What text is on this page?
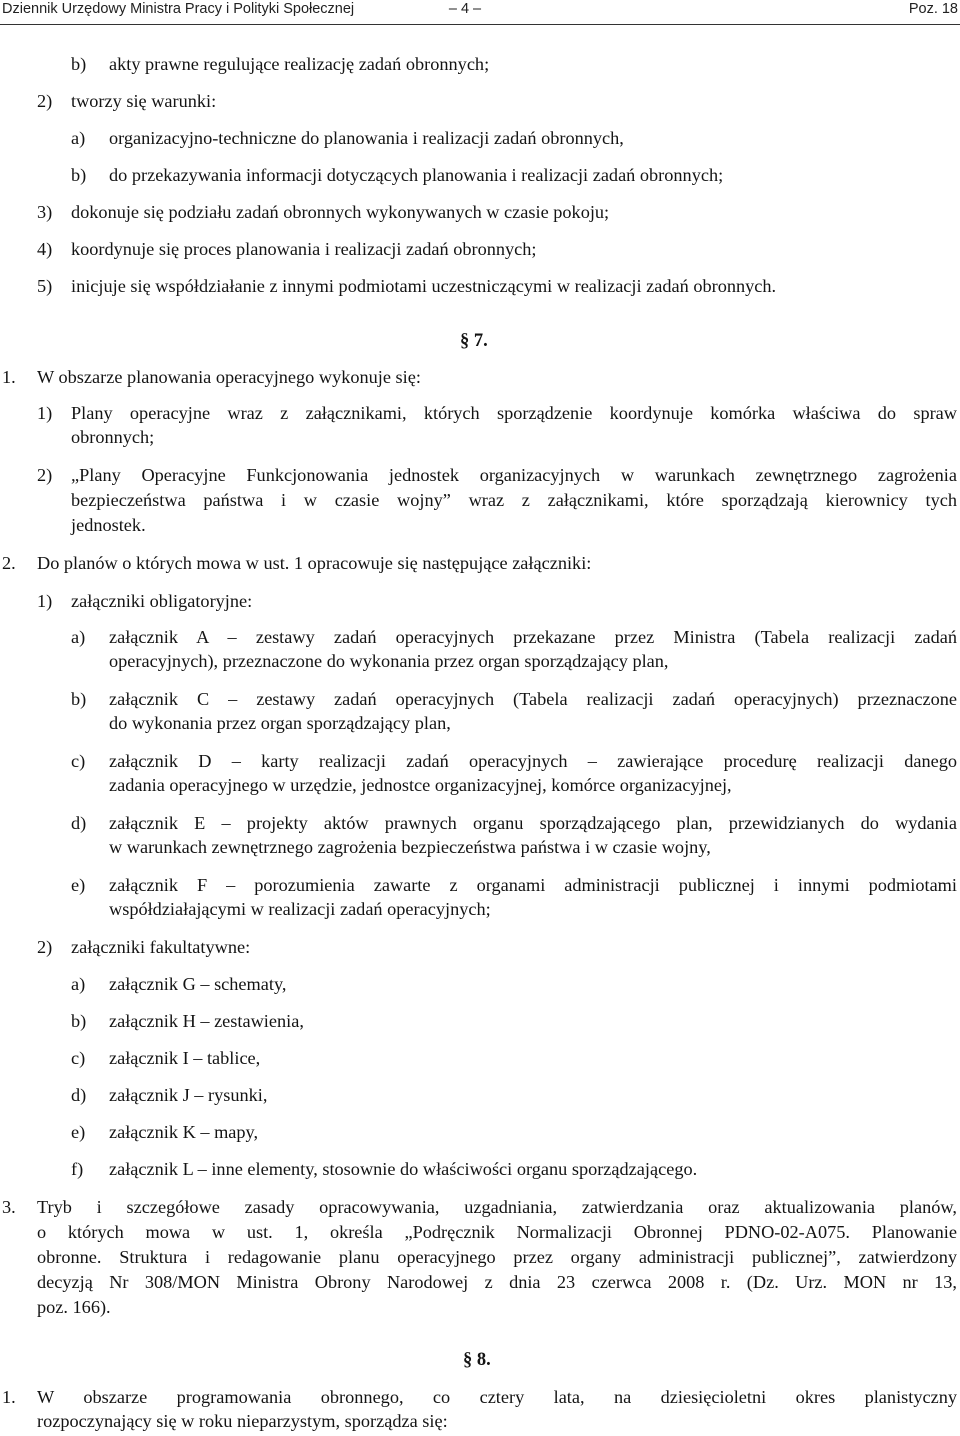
Dziennik Urzędowy Ministra Pracy i Polityki Społecznej	– 4 –	Poz. 18
b) akty prawne regulujące realizację zadań obronnych;
2) tworzy się warunki:
a) organizacyjno-techniczne do planowania i realizacji zadań obronnych,
b) do przekazywania informacji dotyczących planowania i realizacji zadań obronnych;
3) dokonuje się podziału zadań obronnych wykonywanych w czasie pokoju;
4) koordynuje się proces planowania i realizacji zadań obronnych;
5) inicjuje się współdziałanie z innymi podmiotami uczestniczącymi w realizacji zadań obronnych.
§ 7.
1. W obszarze planowania operacyjnego wykonuje się:
1) Plany operacyjne wraz z załącznikami, których sporządzenie koordynuje komórka właściwa do spraw
obronnych;
2) „Plany Operacyjne Funkcjonowania jednostek organizacyjnych w warunkach zewnętrznego zagrożenia
bezpieczeństwa państwa i w czasie wojny” wraz z załącznikami, które sporządzają kierownicy tych
jednostek.
2. Do planów o których mowa w ust. 1 opracowuje się następujące załączniki:
1) załączniki obligatoryjne:
a) załącznik A – zestawy zadań operacyjnych przekazane przez Ministra (Tabela realizacji zadań
operacyjnych), przeznaczone do wykonania przez organ sporządzający plan,
b) załącznik C – zestawy zadań operacyjnych (Tabela realizacji zadań operacyjnych) przeznaczone
do wykonania przez organ sporządzający plan,
c) załącznik D – karty realizacji zadań operacyjnych – zawierające procedurę realizacji danego
zadania operacyjnego w urzędzie, jednostce organizacyjnej, komórce organizacyjnej,
d) załącznik E – projekty aktów prawnych organu sporządzającego plan, przewidzianych do wydania
w warunkach zewnętrznego zagrożenia bezpieczeństwa państwa i w czasie wojny,
e) załącznik F – porozumienia zawarte z organami administracji publicznej i innymi podmiotami
współdziałającymi w realizacji zadań operacyjnych;
2) załączniki fakultatywne:
a) załącznik G – schematy,
b) załącznik H – zestawienia,
c) załącznik I – tablice,
d) załącznik J – rysunki,
e) załącznik K – mapy,
f) załącznik L – inne elementy, stosownie do właściwości organu sporządzającego.
3. Tryb i szczegółowe zasady opracowywania, uzgadniania, zatwierdzania oraz aktualizowania planów,
o których mowa w ust. 1, określa „Podręcznik Normalizacji Obronnej PDNO-02-A075. Planowanie
obronne. Struktura i redagowanie planu operacyjnego przez organy administracji publicznej”, zatwierdzony
decyzją Nr 308/MON Ministra Obrony Narodowej z dnia 23 czerwca 2008 r. (Dz. Urz. MON nr 13,
poz. 166).
§ 8.
1. W obszarze programowania obronnego, co cztery lata, na dziesięcioletni okres planistyczny
rozpoczynający się w roku nieparzystym, sporządza się:
